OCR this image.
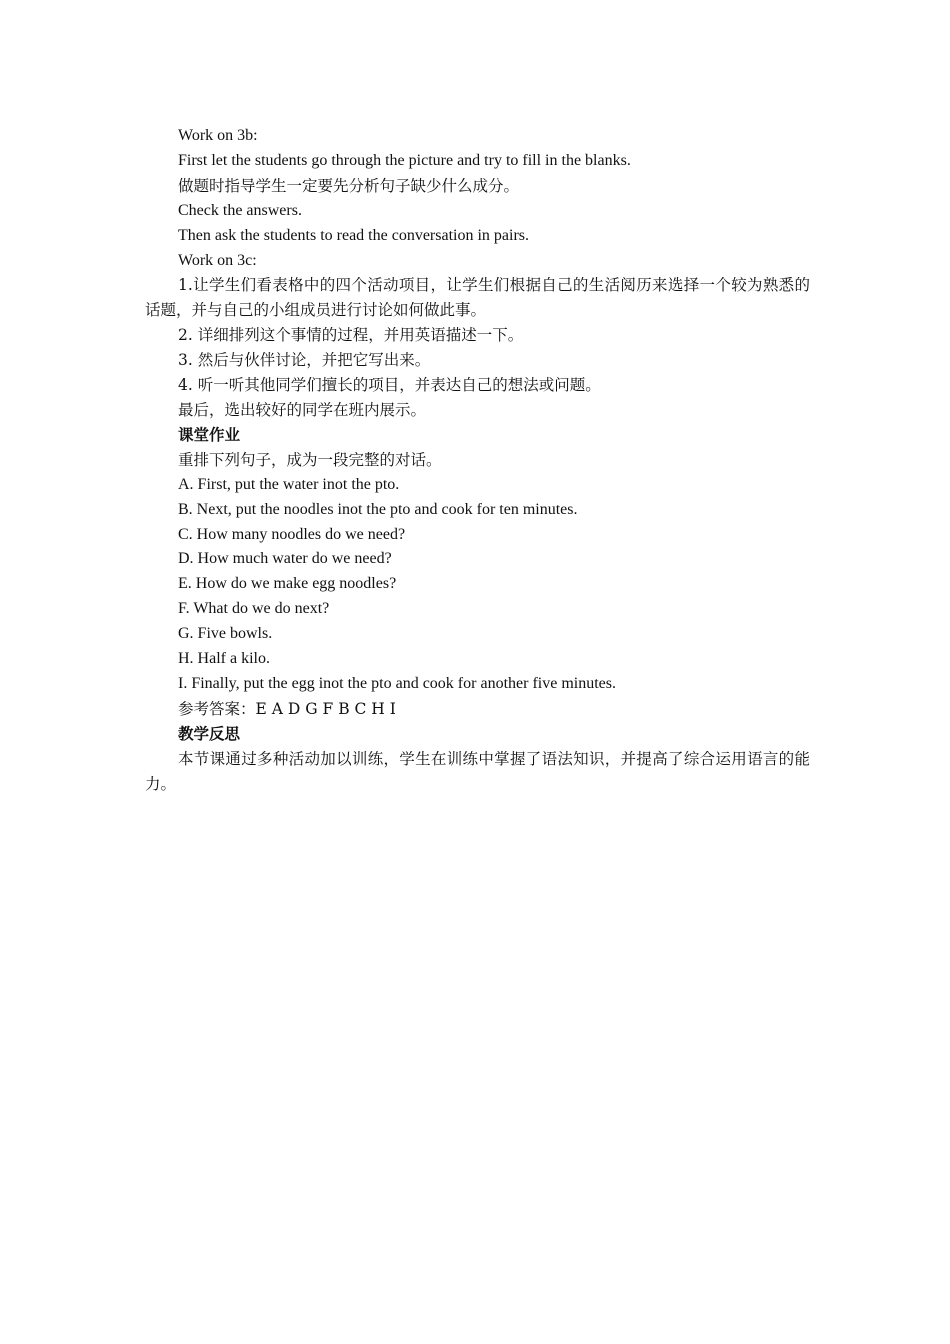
Work on 3b:

First let the students go through the picture and try to fill in the blanks.

做题时指导学生一定要先分析句子缺少什么成分。

Check the answers.

Then ask the students to read the conversation in pairs.

Work on 3c:

1.让学生们看表格中的四个活动项目，让学生们根据自己的生活阅历来选择一个较为熟悉的话题，并与自己的小组成员进行讨论如何做此事。

2. 详细排列这个事情的过程，并用英语描述一下。

3. 然后与伙伴讨论，并把它写出来。

4. 听一听其他同学们擅长的项目，并表达自己的想法或问题。

最后，选出较好的同学在班内展示。

课堂作业

重排下列句子，成为一段完整的对话。

A. First, put the water inot the pto.

B. Next, put the noodles inot the pto and cook for ten minutes.

C. How many noodles do we need?

D. How much water do we need?

E. How do we make egg noodles?

F. What do we do next?

G. Five bowls.

H. Half a kilo.

I. Finally, put the egg inot the pto and cook for another five minutes.

参考答案：E A D G F B C H I

教学反思

本节课通过多种活动加以训练，学生在训练中掌握了语法知识，并提高了综合运用语言的能力。
